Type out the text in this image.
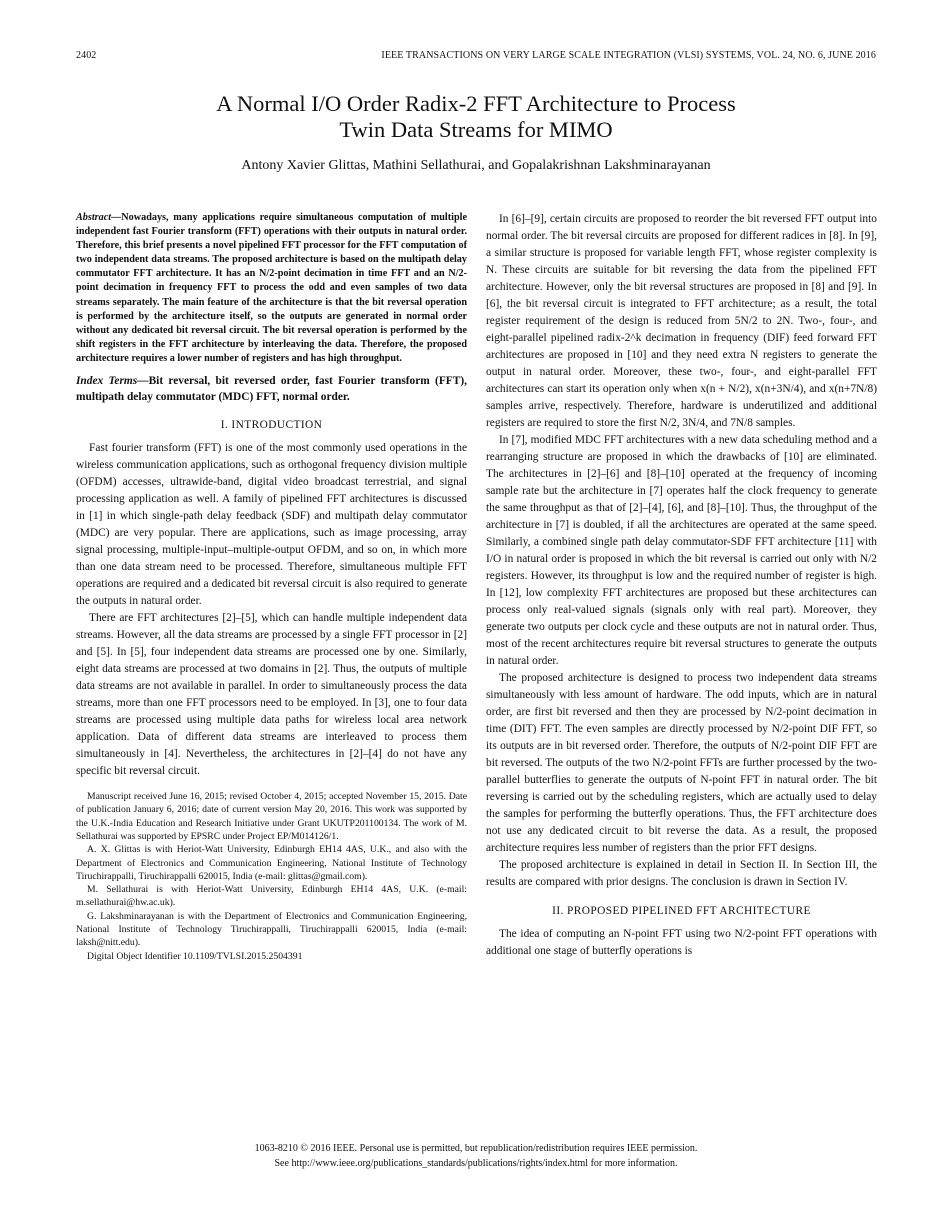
2402	IEEE TRANSACTIONS ON VERY LARGE SCALE INTEGRATION (VLSI) SYSTEMS, VOL. 24, NO. 6, JUNE 2016
A Normal I/O Order Radix-2 FFT Architecture to Process
Twin Data Streams for MIMO
Antony Xavier Glittas, Mathini Sellathurai, and Gopalakrishnan Lakshminarayanan
Abstract—Nowadays, many applications require simultaneous computation of multiple independent fast Fourier transform (FFT) operations with their outputs in natural order. Therefore, this brief presents a novel pipelined FFT processor for the FFT computation of two independent data streams. The proposed architecture is based on the multipath delay commutator FFT architecture. It has an N/2-point decimation in time FFT and an N/2-point decimation in frequency FFT to process the odd and even samples of two data streams separately. The main feature of the architecture is that the bit reversal operation is performed by the architecture itself, so the outputs are generated in normal order without any dedicated bit reversal circuit. The bit reversal operation is performed by the shift registers in the FFT architecture by interleaving the data. Therefore, the proposed architecture requires a lower number of registers and has high throughput.
Index Terms—Bit reversal, bit reversed order, fast Fourier transform (FFT), multipath delay commutator (MDC) FFT, normal order.
I. INTRODUCTION

Fast fourier transform (FFT) is one of the most commonly used operations in the wireless communication applications, such as orthogonal frequency division multiple (OFDM) accesses, ultrawide-band, digital video broadcast terrestrial, and signal processing application as well. A family of pipelined FFT architectures is discussed in [1] in which single-path delay feedback (SDF) and multipath delay commutator (MDC) are very popular. There are applications, such as image processing, array signal processing, multiple-input–multiple-output OFDM, and so on, in which more than one data stream need to be processed. Therefore, simultaneous multiple FFT operations are required and a dedicated bit reversal circuit is also required to generate the outputs in natural order.

There are FFT architectures [2]–[5], which can handle multiple independent data streams. However, all the data streams are processed by a single FFT processor in [2] and [5]. In [5], four independent data streams are processed one by one. Similarly, eight data streams are processed at two domains in [2]. Thus, the outputs of multiple data streams are not available in parallel. In order to simultaneously process the data streams, more than one FFT processors need to be employed. In [3], one to four data streams are processed using multiple data paths for wireless local area network application. Data of different data streams are interleaved to process them simultaneously in [4]. Nevertheless, the architectures in [2]–[4] do not have any specific bit reversal circuit.

Manuscript received June 16, 2015; revised October 4, 2015; accepted November 15, 2015. Date of publication January 6, 2016; date of current version May 20, 2016. This work was supported by the U.K.-India Education and Research Initiative under Grant UKUTP201100134. The work of M. Sellathurai was supported by EPSRC under Project EP/M014126/1.

A. X. Glittas is with Heriot-Watt University, Edinburgh EH14 4AS, U.K., and also with the Department of Electronics and Communication Engineering, National Institute of Technology Tiruchirappalli, Tiruchirappalli 620015, India (e-mail: glittas@gmail.com).

M. Sellathurai is with Heriot-Watt University, Edinburgh EH14 4AS, U.K. (e-mail: m.sellathurai@hw.ac.uk).

G. Lakshminarayanan is with the Department of Electronics and Communication Engineering, National Institute of Technology Tiruchirappalli, Tiruchirappalli 620015, India (e-mail: laksh@nitt.edu).

Digital Object Identifier 10.1109/TVLSI.2015.2504391

In [6]–[9], certain circuits are proposed to reorder the bit reversed FFT output into normal order. The bit reversal circuits are proposed for different radices in [8]. In [9], a similar structure is proposed for variable length FFT, whose register complexity is N. These circuits are suitable for bit reversing the data from the pipelined FFT architecture. However, only the bit reversal structures are proposed in [8] and [9]. In [6], the bit reversal circuit is integrated to FFT architecture; as a result, the total register requirement of the design is reduced from 5N/2 to 2N. Two-, four-, and eight-parallel pipelined radix-2^k decimation in frequency (DIF) feed forward FFT architectures are proposed in [10] and they need extra N registers to generate the output in natural order. Moreover, these two-, four-, and eight-parallel FFT architectures can start its operation only when x(n + N/2), x(n+3N/4), and x(n+7N/8) samples arrive, respectively. Therefore, hardware is underutilized and additional registers are required to store the first N/2, 3N/4, and 7N/8 samples.

In [7], modified MDC FFT architectures with a new data scheduling method and a rearranging structure are proposed in which the drawbacks of [10] are eliminated. The architectures in [2]–[6] and [8]–[10] operated at the frequency of incoming sample rate but the architecture in [7] operates half the clock frequency to generate the same throughput as that of [2]–[4], [6], and [8]–[10]. Thus, the throughput of the architecture in [7] is doubled, if all the architectures are operated at the same speed. Similarly, a combined single path delay commutator-SDF FFT architecture [11] with I/O in natural order is proposed in which the bit reversal is carried out only with N/2 registers. However, its throughput is low and the required number of register is high. In [12], low complexity FFT architectures are proposed but these architectures can process only real-valued signals (signals only with real part). Moreover, they generate two outputs per clock cycle and these outputs are not in natural order. Thus, most of the recent architectures require bit reversal structures to generate the outputs in natural order.

The proposed architecture is designed to process two independent data streams simultaneously with less amount of hardware. The odd inputs, which are in natural order, are first bit reversed and then they are processed by N/2-point decimation in time (DIT) FFT. The even samples are directly processed by N/2-point DIF FFT, so its outputs are in bit reversed order. Therefore, the outputs of N/2-point DIF FFT are bit reversed. The outputs of the two N/2-point FFTs are further processed by the two-parallel butterflies to generate the outputs of N-point FFT in natural order. The bit reversing is carried out by the scheduling registers, which are actually used to delay the samples for performing the butterfly operations. Thus, the FFT architecture does not use any dedicated circuit to bit reverse the data. As a result, the proposed architecture requires less number of registers than the prior FFT designs.

The proposed architecture is explained in detail in Section II. In Section III, the results are compared with prior designs. The conclusion is drawn in Section IV.

II. PROPOSED PIPELINED FFT ARCHITECTURE

The idea of computing an N-point FFT using two N/2-point FFT operations with additional one stage of butterfly operations is

1063-8210 © 2016 IEEE. Personal use is permitted, but republication/redistribution requires IEEE permission.
See http://www.ieee.org/publications_standards/publications/rights/index.html for more information.
